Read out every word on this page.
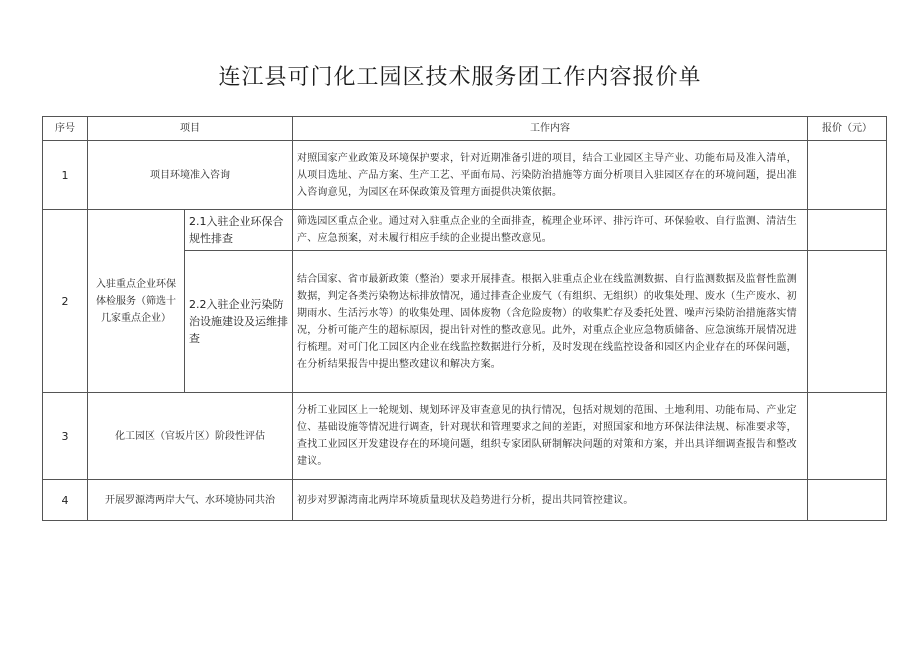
连江县可门化工园区技术服务团工作内容报价单
序号	项目		工作内容	报价（元）
1	项目环境准入咨询		对照国家产业政策及环境保护要求，针对近期准备引进的项目，结合工业园区主导产业、功能布局及准入清单，从项目选址、产品方案、生产工艺、平面布局、污染防治措施等方面分析项目入驻园区存在的环境问题，提出准入咨询意见，为园区在环保政策及管理方面提供决策依据。	
2	入驻重点企业环保体检服务（筛选十几家重点企业）	2.1入驻企业环保合规性排查	筛选园区重点企业。通过对入驻重点企业的全面排查，梳理企业环评、排污许可、环保验收、自行监测、清洁生产、应急预案，对未履行相应手续的企业提出整改意见。	
		2.2入驻企业污染防治设施建设及运维排查	结合国家、省市最新政策（整治）要求开展排查。根据入驻重点企业在线监测数据、自行监测数据及监督性监测数据，判定各类污染物达标排放情况，通过排查企业废气（有组织、无组织）的收集处理、废水（生产废水、初期雨水、生活污水等）的收集处理、固体废物（含危险废物）的收集贮存及委托处置、噪声污染防治措施落实情况，分析可能产生的超标原因，提出针对性的整改意见。此外，对重点企业应急物质储备、应急演练开展情况进行梳理。对可门化工园区内企业在线监控数据进行分析，及时发现在线监控设备和园区内企业存在的环保问题，在分析结果报告中提出整改建议和解决方案。	
3	化工园区（官坂片区）阶段性评估		分析工业园区上一轮规划、规划环评及审查意见的执行情况，包括对规划的范围、土地利用、功能布局、产业定位、基础设施等情况进行调查，针对现状和管理要求之间的差距，对照国家和地方环保法律法规、标准要求等，查找工业园区开发建设存在的环境问题，组织专家团队研制解决问题的对策和方案，并出具详细调查报告和整改建议。	
4	开展罗源湾两岸大气、水环境协同共治		初步对罗源湾南北两岸环境质量现状及趋势进行分析，提出共同管控建议。	
